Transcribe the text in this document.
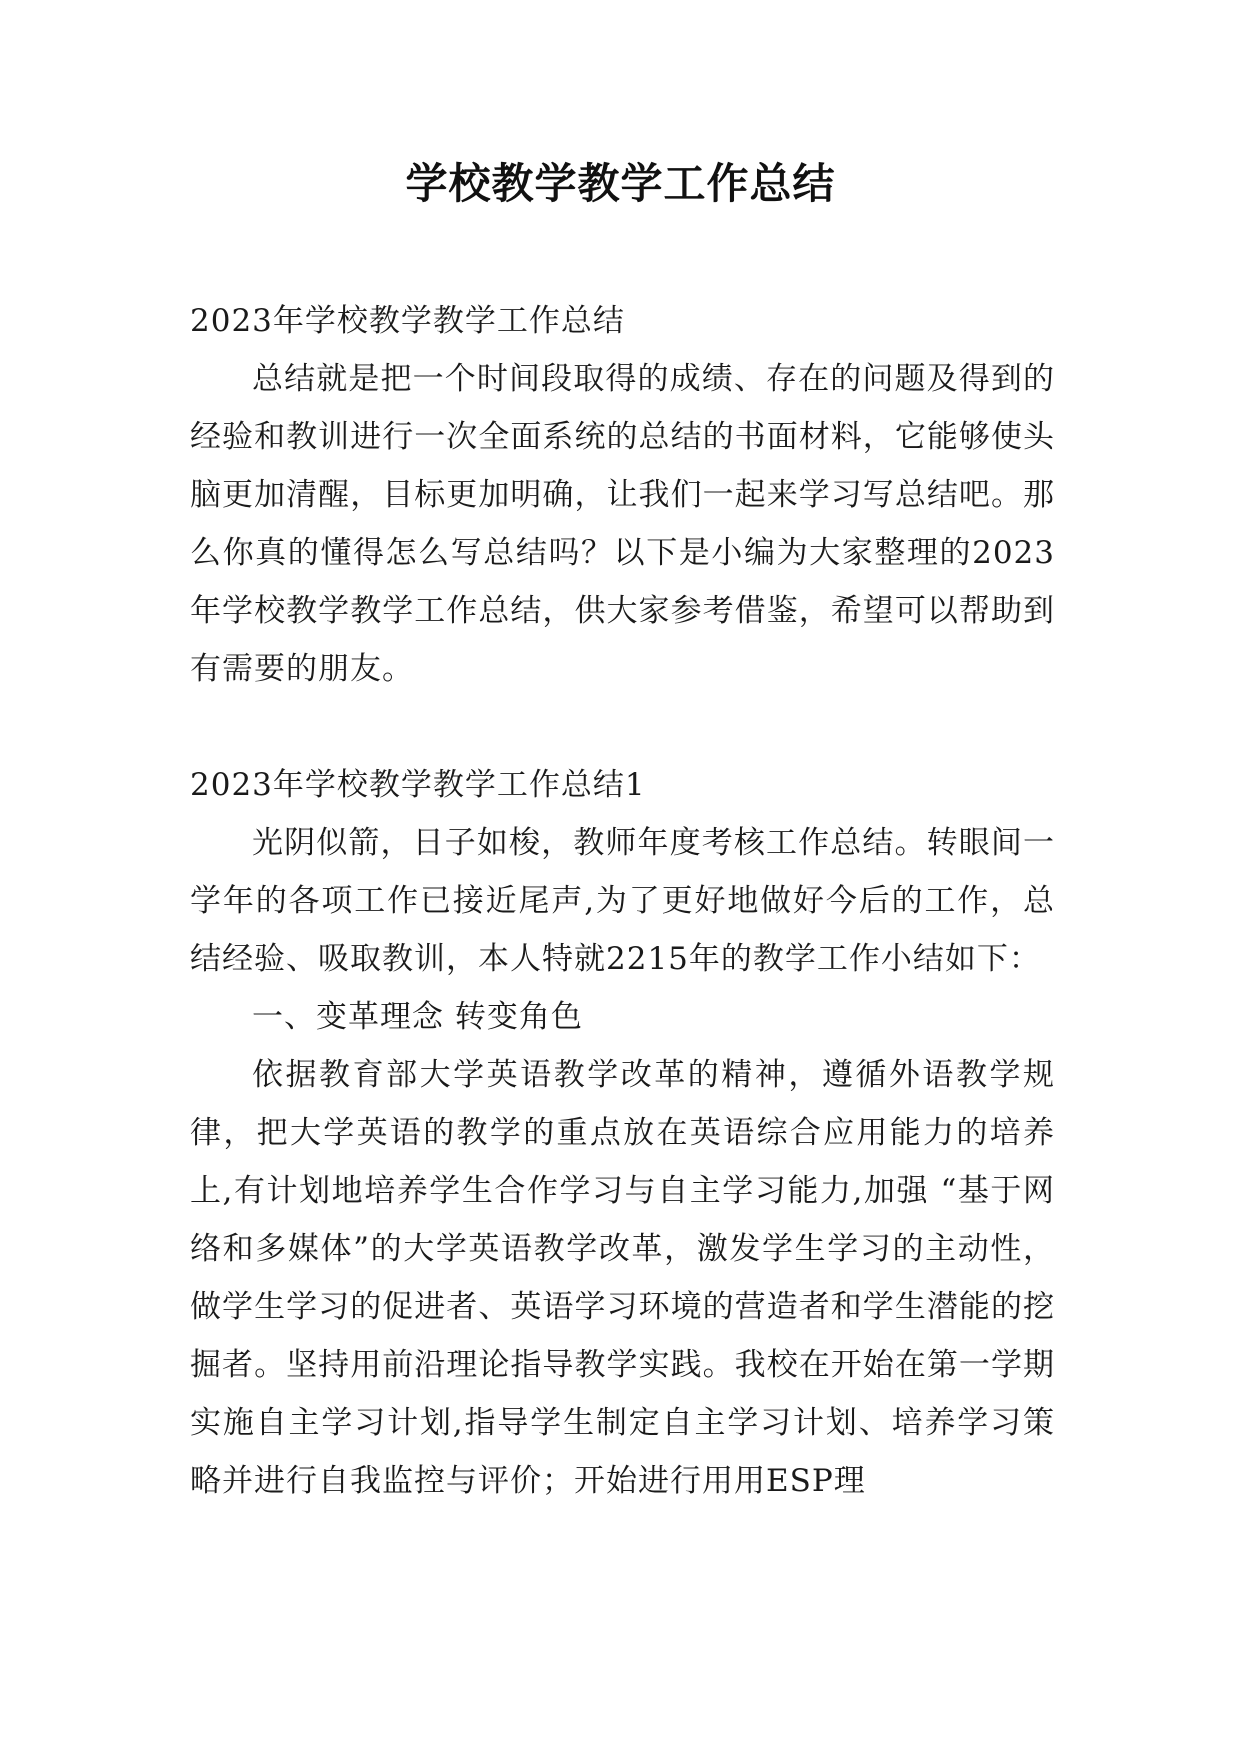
学校教学教学工作总结

2023年学校教学教学工作总结

总结就是把一个时间段取得的成绩、存在的问题及得到的经验和教训进行一次全面系统的总结的书面材料，它能够使头脑更加清醒，目标更加明确，让我们一起来学习写总结吧。那么你真的懂得怎么写总结吗？以下是小编为大家整理的2023年学校教学教学工作总结，供大家参考借鉴，希望可以帮助到有需要的朋友。

2023年学校教学教学工作总结1

光阴似箭，日子如梭，教师年度考核工作总结。转眼间一学年的各项工作已接近尾声,为了更好地做好今后的工作，总结经验、吸取教训，本人特就2215年的教学工作小结如下：

一、变革理念 转变角色

依据教育部大学英语教学改革的精神，遵循外语教学规律，把大学英语的教学的重点放在英语综合应用能力的培养上,有计划地培养学生合作学习与自主学习能力,加强 “基于网络和多媒体”的大学英语教学改革，激发学生学习的主动性，做学生学习的促进者、英语学习环境的营造者和学生潜能的挖掘者。坚持用前沿理论指导教学实践。我校在开始在第一学期实施自主学习计划,指导学生制定自主学习计划、培养学习策略并进行自我监控与评价；开始进行用用ESP理
